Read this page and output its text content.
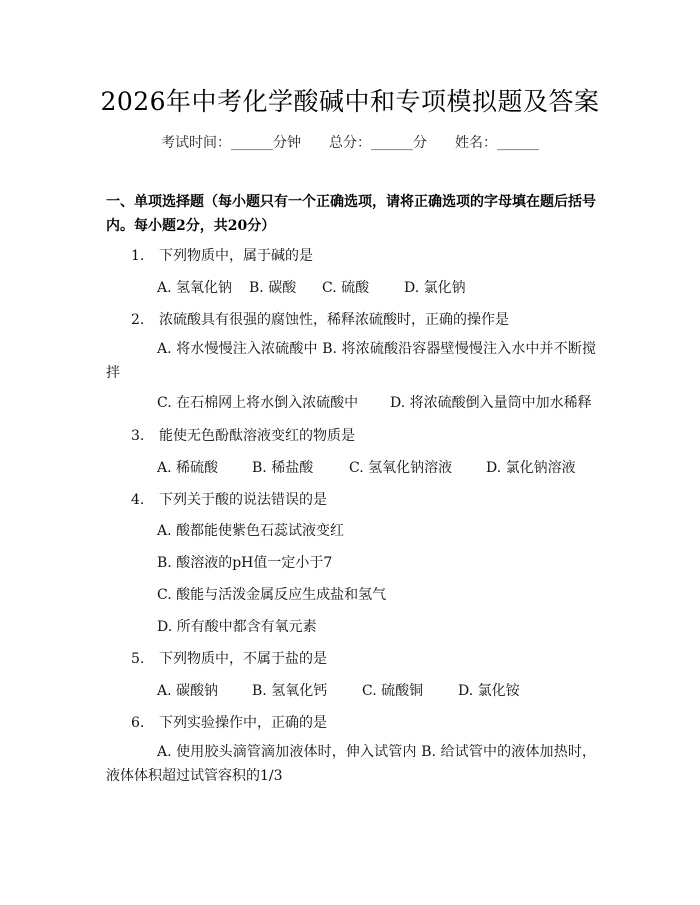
2026年中考化学酸碱中和专项模拟题及答案
考试时间：______分钟 总分：______分 姓名：______
一、单项选择题（每小题只有一个正确选项，请将正确选项的字母填在题后括号内。每小题2分，共20分）
1. 下列物质中，属于碱的是
A. 氢氧化钠 B. 碳酸 C. 硫酸 D. 氯化钠
2. 浓硫酸具有很强的腐蚀性，稀释浓硫酸时，正确的操作是
A. 将水慢慢注入浓硫酸中 B. 将浓硫酸沿容器壁慢慢注入水中并不断搅拌
C. 在石棉网上将水倒入浓硫酸中 D. 将浓硫酸倒入量筒中加水稀释
3. 能使无色酚酞溶液变红的物质是
A. 稀硫酸 B. 稀盐酸	C. 氢氧化钠溶液 D. 氯化钠溶液
4. 下列关于酸的说法错误的是
A. 酸都能使紫色石蕊试液变红
B. 酸溶液的pH值一定小于7
C. 酸能与活泼金属反应生成盐和氢气
D. 所有酸中都含有氧元素
5. 下列物质中，不属于盐的是
A. 碳酸钠 B. 氢氧化钙 C. 硫酸铜 D. 氯化铵
6. 下列实验操作中，正确的是
A. 使用胶头滴管滴加液体时，伸入试管内 B. 给试管中的液体加热时，液体体积超过试管容积的1/3
